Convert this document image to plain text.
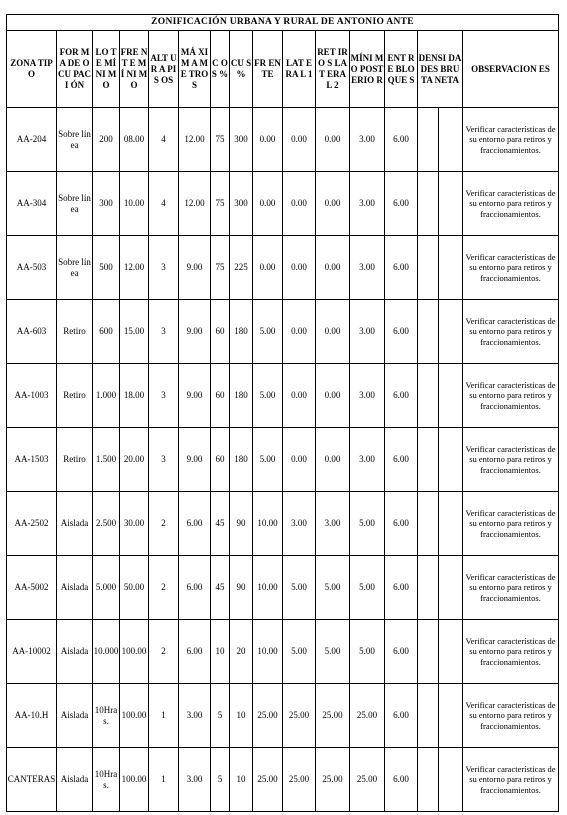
ZONIFICACIÓN URBANA Y RURAL DE ANTONIO ANTE															
ZONA TIPO	FOR MA DE OCU PACI ÓN	LO TE MÍ NI MO	FRE NT E MÍ NI MO	ALT UR A PIS OS	MÁ XIM A ME TRO S	C O S %	CU S %	FR EN TE	LAT ERA L 1	RET IRO S LAT ERA L 2	MÍNI MO POST ERIO R	ENT RE BLO QUE S	DENSI DADES BRUTA NETA		OBSERVACION ES
AA-204	Sobre línea	200	08.00	4	12.00	75	300	0.00	0.00	0.00	3.00	6.00			Verificar características de su entorno para retiros y fraccionamientos.
AA-304	Sobre línea	300	10.00	4	12.00	75	300	0.00	0.00	0.00	3.00	6.00			Verificar características de su entorno para retiros y fraccionamientos.
AA-503	Sobre línea	500	12.00	3	9.00	75	225	0.00	0.00	0.00	3.00	6.00			Verificar características de su entorno para retiros y fraccionamientos.
AA-603	Retiro	600	15.00	3	9.00	60	180	5.00	0.00	0.00	3.00	6.00			Verificar características de su entorno para retiros y fraccionamientos.
AA-1003	Retiro	1.000	18.00	3	9.00	60	180	5.00	0.00	0.00	3.00	6.00			Verificar características de su entorno para retiros y fraccionamientos.
AA-1503	Retiro	1.500	20.00	3	9.00	60	180	5.00	0.00	0.00	3.00	6.00			Verificar características de su entorno para retiros y fraccionamientos.
AA-2502	Aislada	2.500	30.00	2	6.00	45	90	10.00	3.00	3.00	5.00	6.00			Verificar características de su entorno para retiros y fraccionamientos.
AA-5002	Aislada	5.000	50.00	2	6.00	45	90	10.00	5.00	5.00	5.00	6.00			Verificar características de su entorno para retiros y fraccionamientos.
AA-10002	Aislada	10.000	100.00	2	6.00	10	20	10.00	5.00	5.00	5.00	6.00			Verificar características de su entorno para retiros y fraccionamientos.
AA-10.H	Aislada	10Hras.	100.00	1	3.00	5	10	25.00	25.00	25.00	25.00	6.00			Verificar características de su entorno para retiros y fraccionamientos.
CANTERAS	Aislada	10Hras.	100.00	1	3.00	5	10	25.00	25.00	25.00	25.00	6.00			Verificar características de su entorno para retiros y fraccionamientos.
